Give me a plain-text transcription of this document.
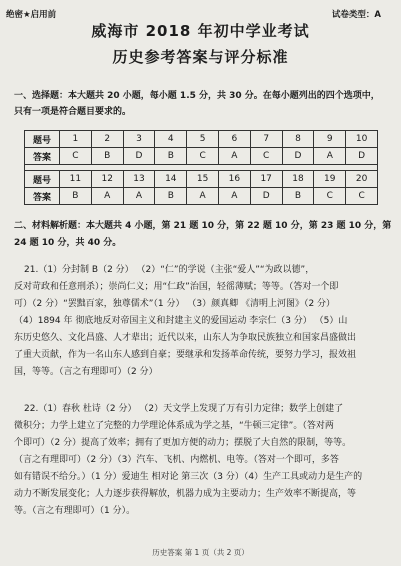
绝密★启用前	试卷类型：A
威海市 2018 年初中学业考试
历史参考答案与评分标准
一、选择题：本大题共 20 小题，每小题 1.5 分，共 30 分。在每小题列出的四个选项中，
只有一项是符合题目要求的。
题号	1	2	3	4	5	6	7	8	9	10
答案	C	B	D	B	C	A	C	D	A	D

题号	11	12	13	14	15	16	17	18	19	20
答案	B	A	A	B	A	A	D	B	C	C
二、材料解析题：本大题共 4 小题，第 21 题 10 分，第 22 题 10 分，第 23 题 10 分，第
24 题 10 分，共 40 分。
21.（1）分封制 B（2 分） （2）“仁”的学说（主张“爱人”“为政以德”，
反对苛政和任意刑杀）；崇尚仁义；用“仁政”治国，轻徭薄赋；等等。（答对一个即
可）（2 分）“罢黜百家，独尊儒术”（1 分） （3）颜真卿 《清明上河图》（2 分）
（4）1894 年 彻底地反对帝国主义和封建主义的爱国运动 李宗仁（3 分） （5）山
东历史悠久、文化昌盛、人才辈出；近代以来，山东人为争取民族独立和国家昌盛做出
了重大贡献，作为一名山东人感到自豪；要继承和发扬革命传统，要努力学习，报效祖
国，等等。（言之有理即可）（2 分）
22.（1）春秋 杜诗（2 分） （2）天文学上发现了万有引力定律；数学上创建了
微积分；力学上建立了完整的力学理论体系成为学之基，“牛顿三定律”。（答对两
个即可）（2 分）提高了效率；拥有了更加方便的动力；摆脱了大自然的限制，等等。
（言之有理即可）（2 分）（3）汽车、飞机、内燃机、电等。（答对一个即可，多答
如有错误不给分。）（1 分）爱迪生 相对论 第三次（3 分）（4）生产工具或动力是生产的
动力不断发展变化；人力逐步获得解放，机器力成为主要动力；生产效率不断提高，等
等。（言之有理即可）（1 分）。
历史答案 第 1 页（共 2 页）
